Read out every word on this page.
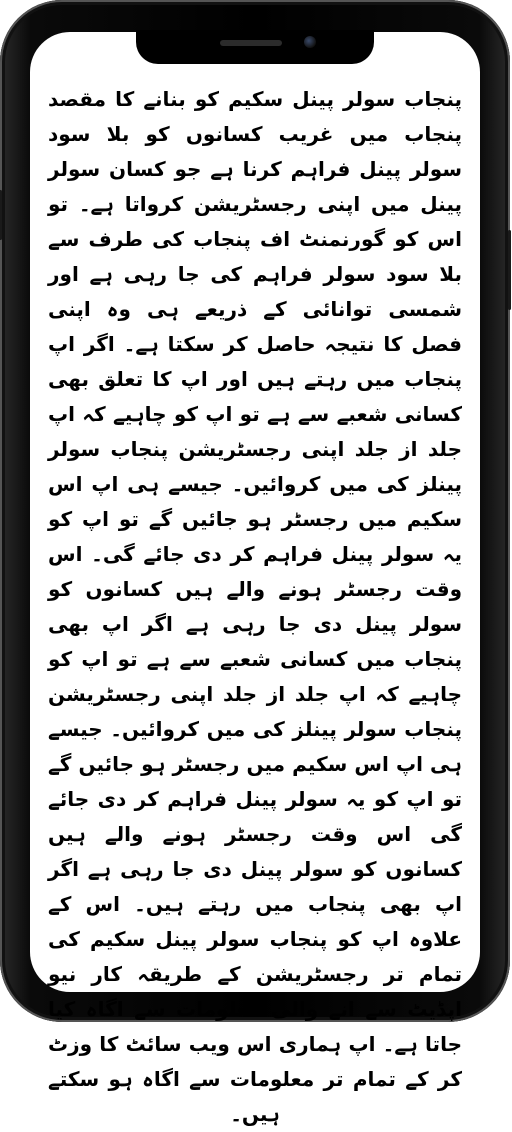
پنجاب سولر پینل سکیم کو بنانے کا مقصد پنجاب میں غریب کسانوں کو بلا سود سولر پینل فراہم کرنا ہے جو کسان سولر پینل میں اپنی رجسٹریشن کرواتا ہے۔ تو اس کو گورنمنٹ اف پنجاب کی طرف سے بلا سود سولر فراہم کی جا رہی ہے اور شمسی توانائی کے ذریعے ہی وہ اپنی فصل کا نتیجہ حاصل کر سکتا ہے۔ اگر اپ پنجاب میں رہتے ہیں اور اپ کا تعلق بھی کسانی شعبے سے ہے تو اپ کو چاہیے کہ اپ جلد از جلد اپنی رجسٹریشن پنجاب سولر پینلز کی میں کروائیں۔ جیسے ہی اپ اس سکیم میں رجسٹر ہو جائیں گے تو اپ کو یہ سولر پینل فراہم کر دی جائے گی۔ اس وقت رجسٹر ہونے والے ہیں کسانوں کو سولر پینل دی جا رہی ہے اگر اپ بھی پنجاب میں کسانی شعبے سے ہے تو اپ کو چاہیے کہ اپ جلد از جلد اپنی رجسٹریشن پنجاب سولر پینلز کی میں کروائیں۔ جیسے ہی اپ اس سکیم میں رجسٹر ہو جائیں گے تو اپ کو یہ سولر پینل فراہم کر دی جائے گی اس وقت رجسٹر ہونے والے ہیں کسانوں کو سولر پینل دی جا رہی ہے اگر اپ بھی پنجاب میں رہتے ہیں۔ اس کے علاوہ اپ کو پنجاب سولر پینل سکیم کی تمام تر رجسٹریشن کے طریقہ کار نیو اپڈیٹ سے انے والی معلومات سے اگاہ کیا جاتا ہے۔ اپ ہماری اس ویب سائٹ کا وزٹ کر کے تمام تر معلومات سے اگاہ ہو سکتے ہیں۔
